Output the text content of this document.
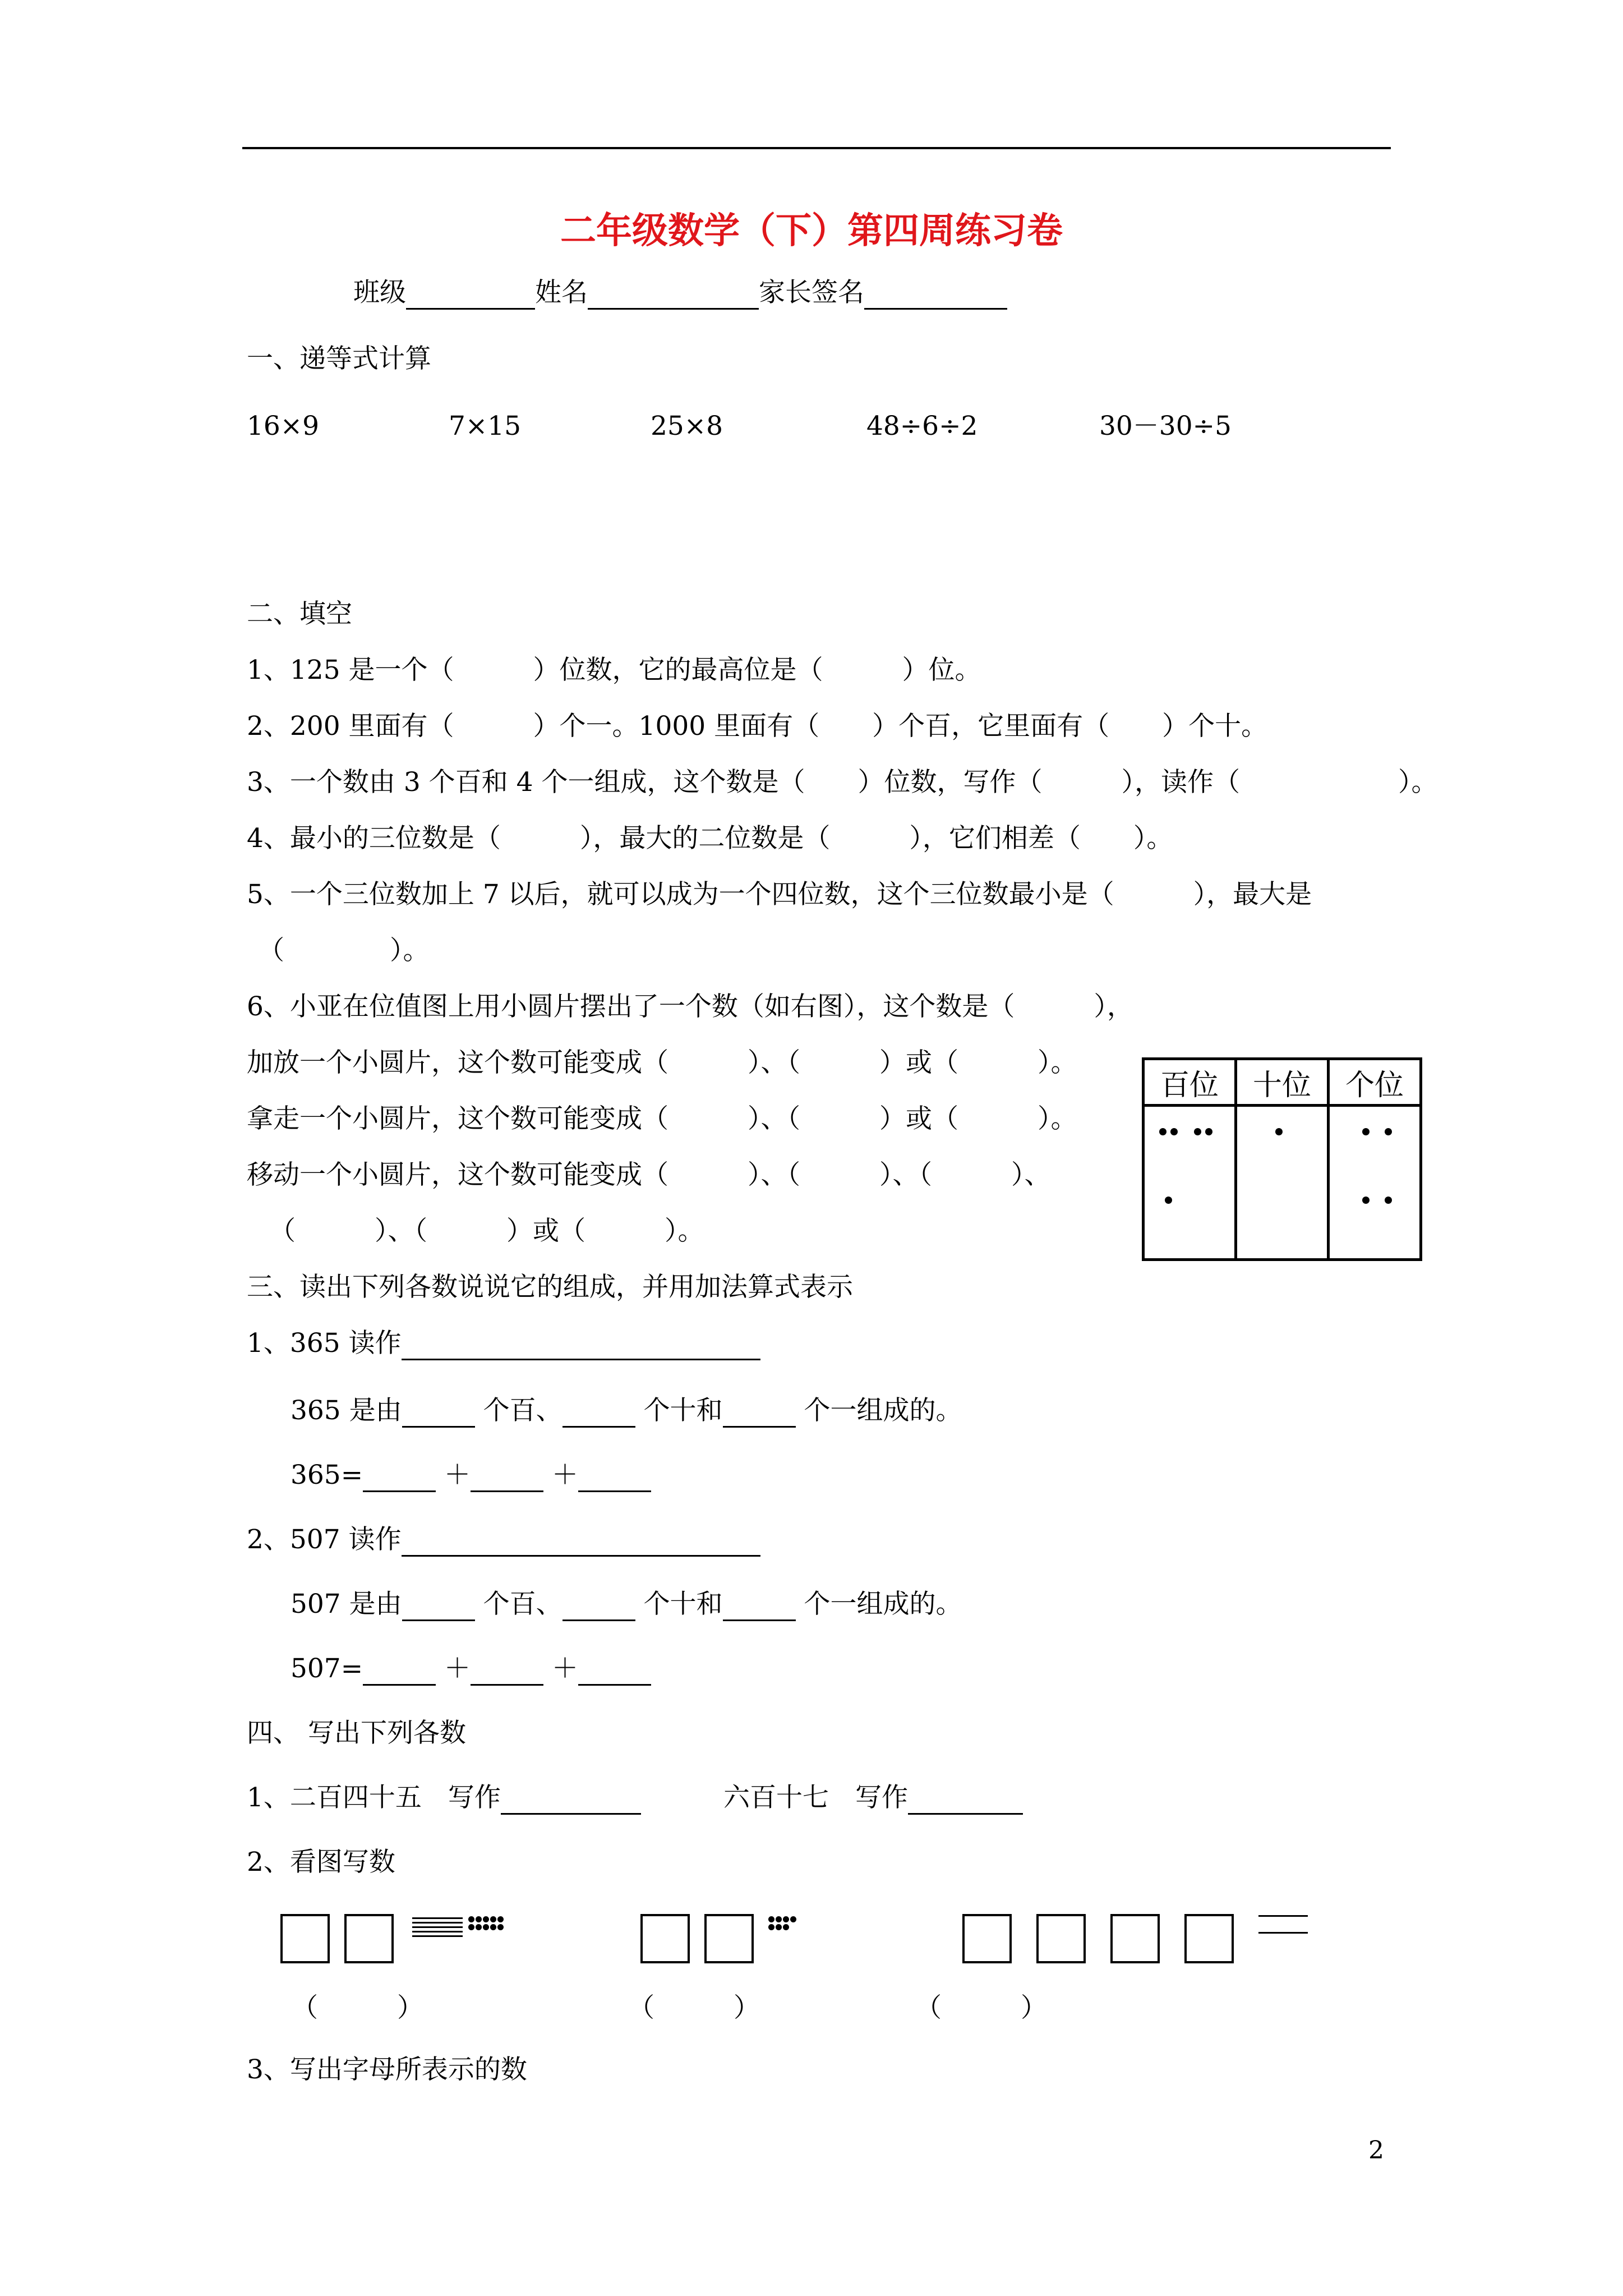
二年级数学（下）第四周练习卷
班级	姓名	家长签名
一、递等式计算
16×9	7×15	25×8	48÷6÷2	30－30÷5
二、填空
1、125 是一个（　　　）位数，它的最高位是（　　　）位。
2、200 里面有（　　　）个一。1000 里面有（　　）个百，它里面有（　　）个十。
3、一个数由 3 个百和 4 个一组成，这个数是（　　）位数，写作（　　　），读作（　　　　　　）。
4、最小的三位数是（　　　），最大的二位数是（　　　），它们相差（　　）。
5、一个三位数加上 7 以后，就可以成为一个四位数，这个三位数最小是（　　　），最大是
（　　　　）。
6、小亚在位值图上用小圆片摆出了一个数（如右图），这个数是（　　　），
加放一个小圆片，这个数可能变成（　　　）、（　　　）或（　　　）。
拿走一个小圆片，这个数可能变成（　　　）、（　　　）或（　　　）。
移动一个小圆片，这个数可能变成（　　　）、（　　　）、（　　　）、
（　　　）、（　　　）或（　　　）。
百位	十位	个位

三、读出下列各数说说它的组成，并用加法算式表示
1、365 读作
365 是由	个百、	个十和	个一组成的。
365=	＋	＋
2、507 读作
507 是由	个百、	个十和	个一组成的。
507=	＋	＋
四、 写出下列各数
1、二百四十五　写作	六百十七　写作
2、看图写数
（　　　）	（　　　）	（　　　）
3、写出字母所表示的数
2
